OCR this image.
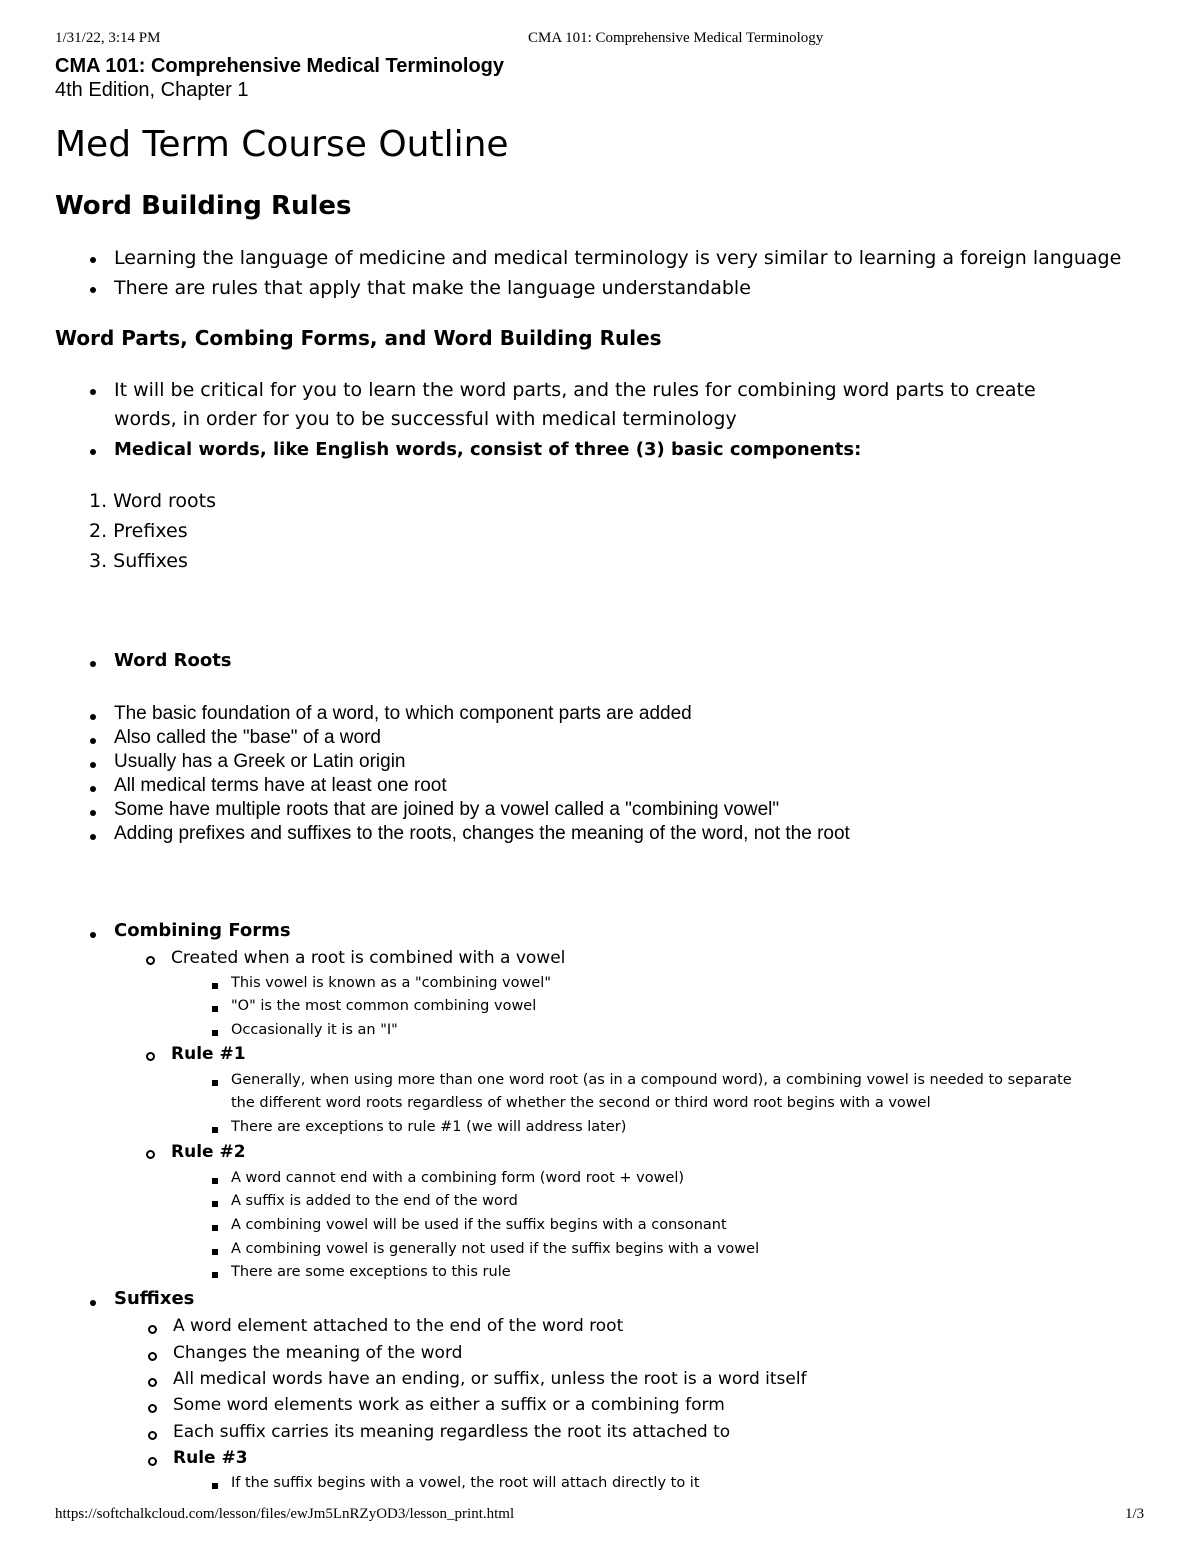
1/31/22, 3:14 PM	CMA 101: Comprehensive Medical Terminology
CMA 101: Comprehensive Medical Terminology
4th Edition, Chapter 1
Med Term Course Outline
Word Building Rules
Learning the language of medicine and medical terminology is very similar to learning a foreign language
There are rules that apply that make the language understandable
Word Parts, Combing Forms, and Word Building Rules
It will be critical for you to learn the word parts, and the rules for combining word parts to create
words, in order for you to be successful with medical terminology
Medical words, like English words, consist of three (3) basic components:
1. Word roots
2. Prefixes
3. Suffixes
Word Roots
The basic foundation of a word, to which component parts are added
Also called the "base" of a word
Usually has a Greek or Latin origin
All medical terms have at least one root
Some have multiple roots that are joined by a vowel called a "combining vowel"
Adding prefixes and suffixes to the roots, changes the meaning of the word, not the root
Combining Forms
Created when a root is combined with a vowel
This vowel is known as a "combining vowel"
"O" is the most common combining vowel
Occasionally it is an "I"
Rule #1
Generally, when using more than one word root (as in a compound word), a combining vowel is needed to separate
the different word roots regardless of whether the second or third word root begins with a vowel
There are exceptions to rule #1 (we will address later)
Rule #2
A word cannot end with a combining form (word root + vowel)
A suffix is added to the end of the word
A combining vowel will be used if the suffix begins with a consonant
A combining vowel is generally not used if the suffix begins with a vowel
There are some exceptions to this rule
Suffixes
A word element attached to the end of the word root
Changes the meaning of the word
All medical words have an ending, or suffix, unless the root is a word itself
Some word elements work as either a suffix or a combining form
Each suffix carries its meaning regardless the root its attached to
Rule #3
If the suffix begins with a vowel, the root will attach directly to it
https://softchalkcloud.com/lesson/files/ewJm5LnRZyOD3/lesson_print.html	1/3
